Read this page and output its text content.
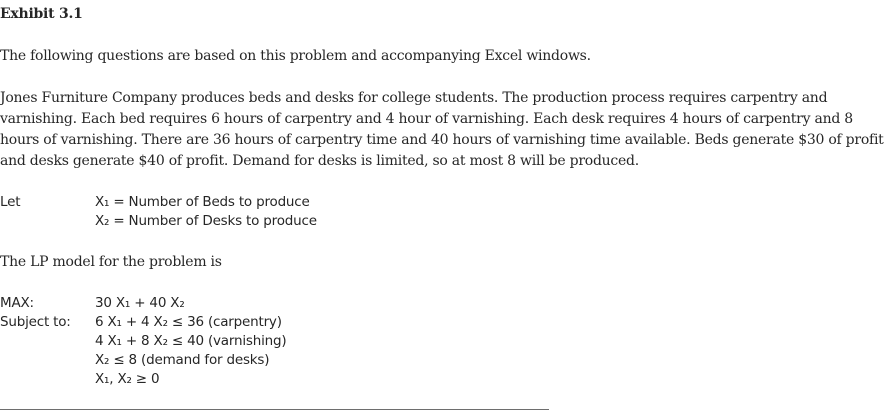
Exhibit 3.1

The following questions are based on this problem and accompanying Excel windows.

Jones Furniture Company produces beds and desks for college students. The production process requires carpentry and varnishing. Each bed requires 6 hours of carpentry and 4 hour of varnishing. Each desk requires 4 hours of carpentry and 8 hours of varnishing. There are 36 hours of carpentry time and 40 hours of varnishing time available. Beds generate $30 of profit and desks generate $40 of profit. Demand for desks is limited, so at most 8 will be produced.

Let	X₁ = Number of Beds to produce
X₂ = Number of Desks to produce

The LP model for the problem is

MAX:	30 X₁ + 40 X₂
Subject to:	6 X₁ + 4 X₂ ≤ 36 (carpentry)
4 X₁ + 8 X₂ ≤ 40 (varnishing)
X₂ ≤ 8 (demand for desks)
X₁, X₂ ≥ 0
